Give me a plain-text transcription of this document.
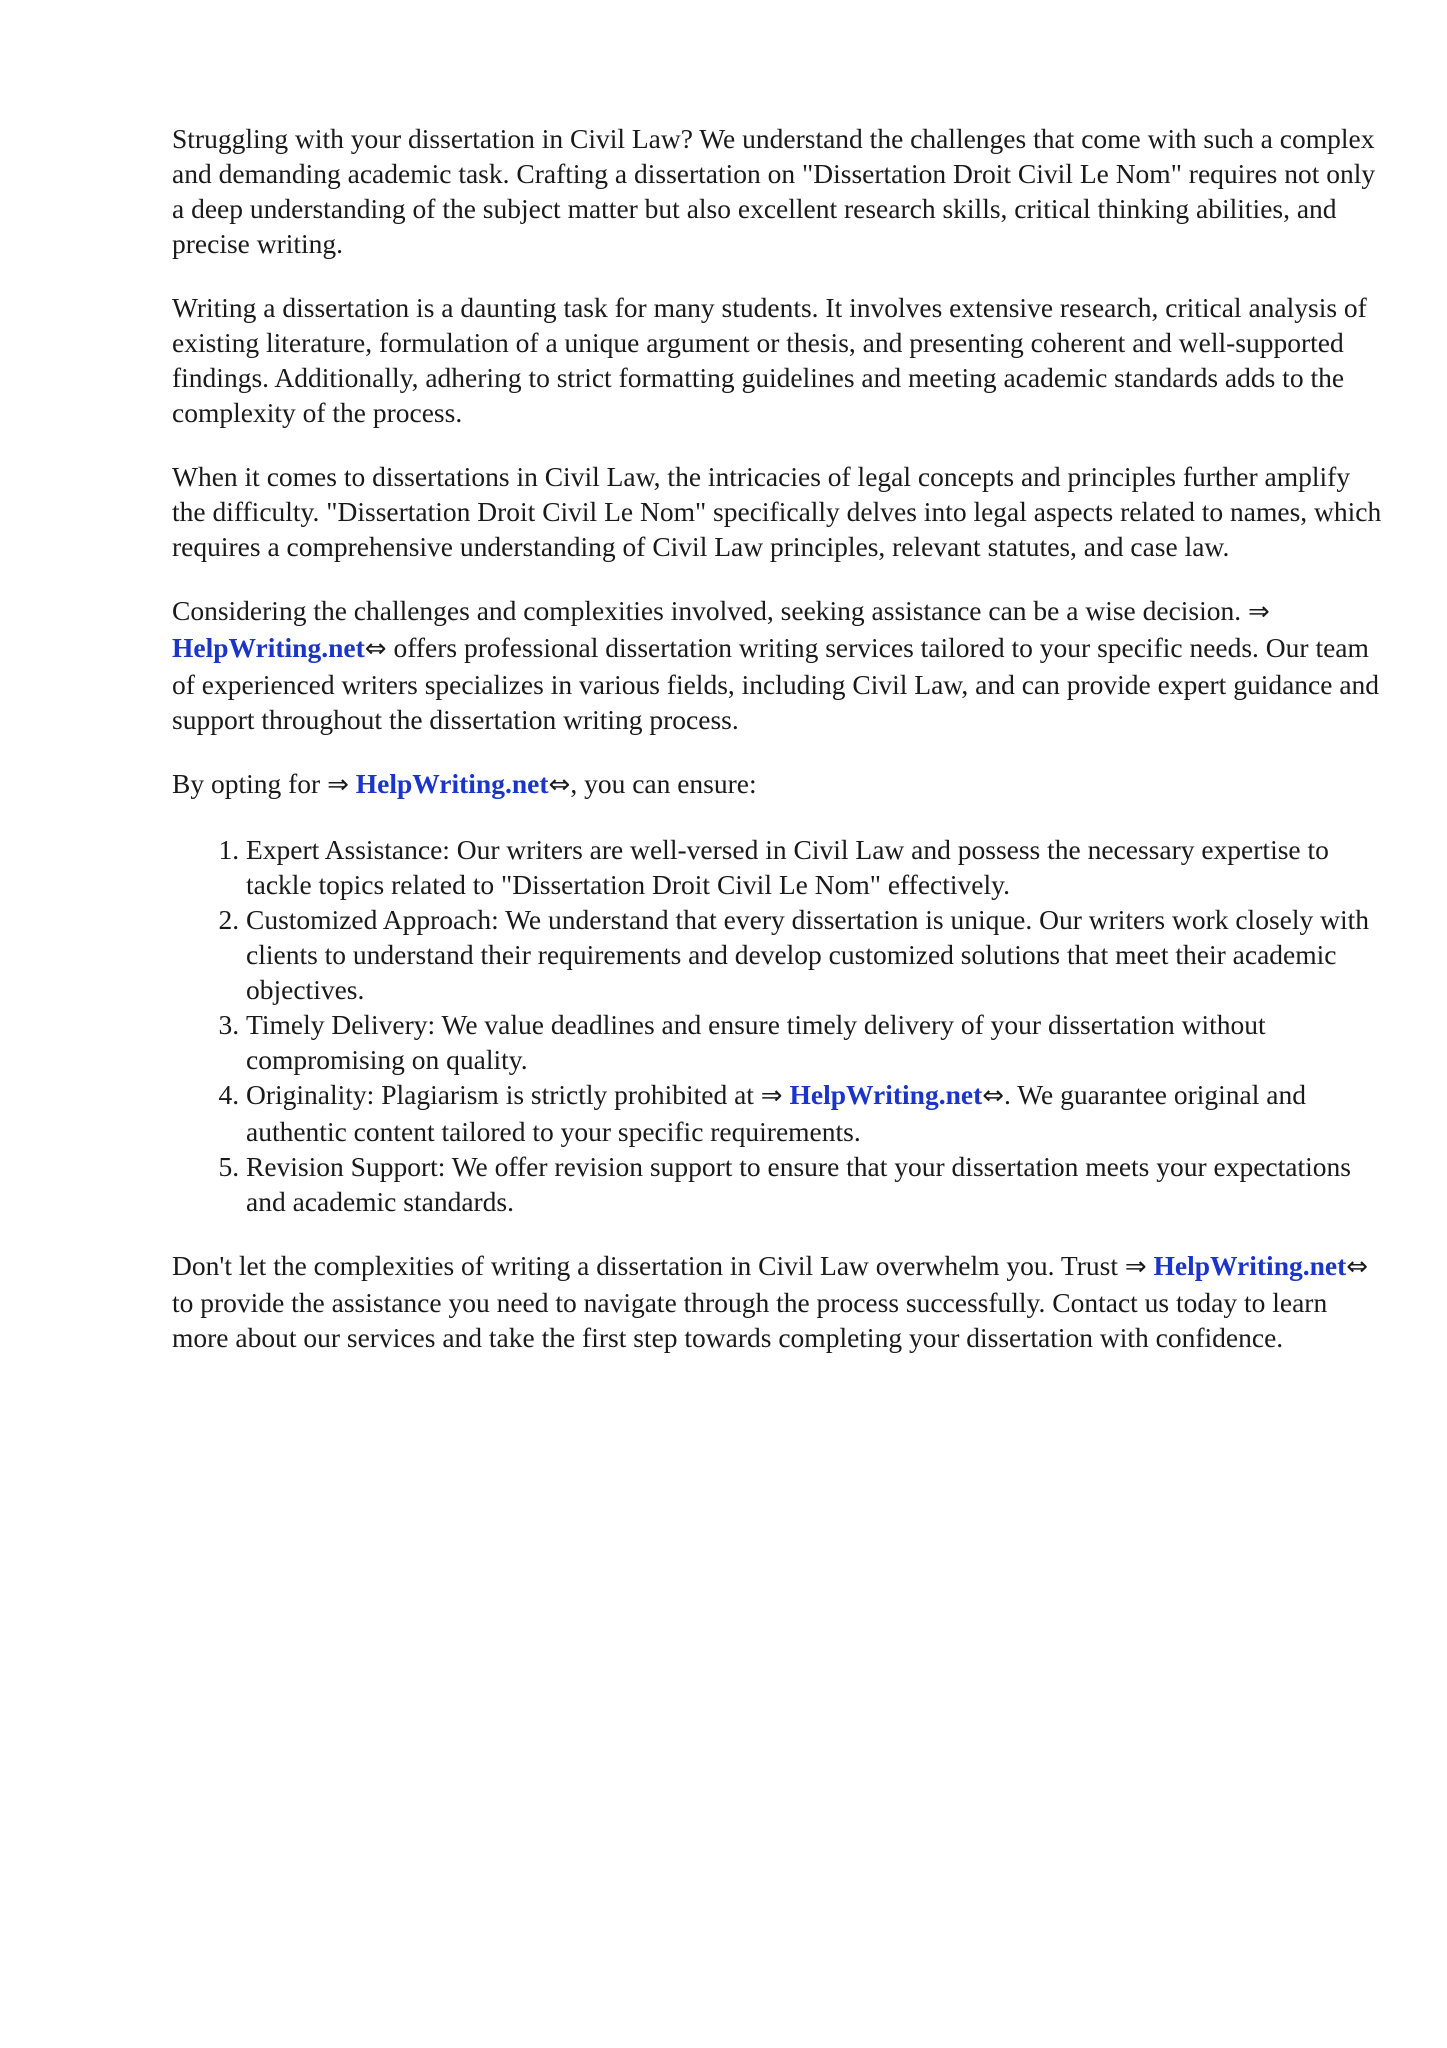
Struggling with your dissertation in Civil Law? We understand the challenges that come with such a complex and demanding academic task. Crafting a dissertation on "Dissertation Droit Civil Le Nom" requires not only a deep understanding of the subject matter but also excellent research skills, critical thinking abilities, and precise writing.

Writing a dissertation is a daunting task for many students. It involves extensive research, critical analysis of existing literature, formulation of a unique argument or thesis, and presenting coherent and well-supported findings. Additionally, adhering to strict formatting guidelines and meeting academic standards adds to the complexity of the process.

When it comes to dissertations in Civil Law, the intricacies of legal concepts and principles further amplify the difficulty. "Dissertation Droit Civil Le Nom" specifically delves into legal aspects related to names, which requires a comprehensive understanding of Civil Law principles, relevant statutes, and case law.

Considering the challenges and complexities involved, seeking assistance can be a wise decision. ⇒ HelpWriting.net⇔ offers professional dissertation writing services tailored to your specific needs. Our team of experienced writers specializes in various fields, including Civil Law, and can provide expert guidance and support throughout the dissertation writing process.

By opting for ⇒ HelpWriting.net⇔, you can ensure:

1. Expert Assistance: Our writers are well-versed in Civil Law and possess the necessary expertise to tackle topics related to "Dissertation Droit Civil Le Nom" effectively.
2. Customized Approach: We understand that every dissertation is unique. Our writers work closely with clients to understand their requirements and develop customized solutions that meet their academic objectives.
3. Timely Delivery: We value deadlines and ensure timely delivery of your dissertation without compromising on quality.
4. Originality: Plagiarism is strictly prohibited at ⇒ HelpWriting.net⇔. We guarantee original and authentic content tailored to your specific requirements.
5. Revision Support: We offer revision support to ensure that your dissertation meets your expectations and academic standards.

Don't let the complexities of writing a dissertation in Civil Law overwhelm you. Trust ⇒ HelpWriting.net⇔ to provide the assistance you need to navigate through the process successfully. Contact us today to learn more about our services and take the first step towards completing your dissertation with confidence.
